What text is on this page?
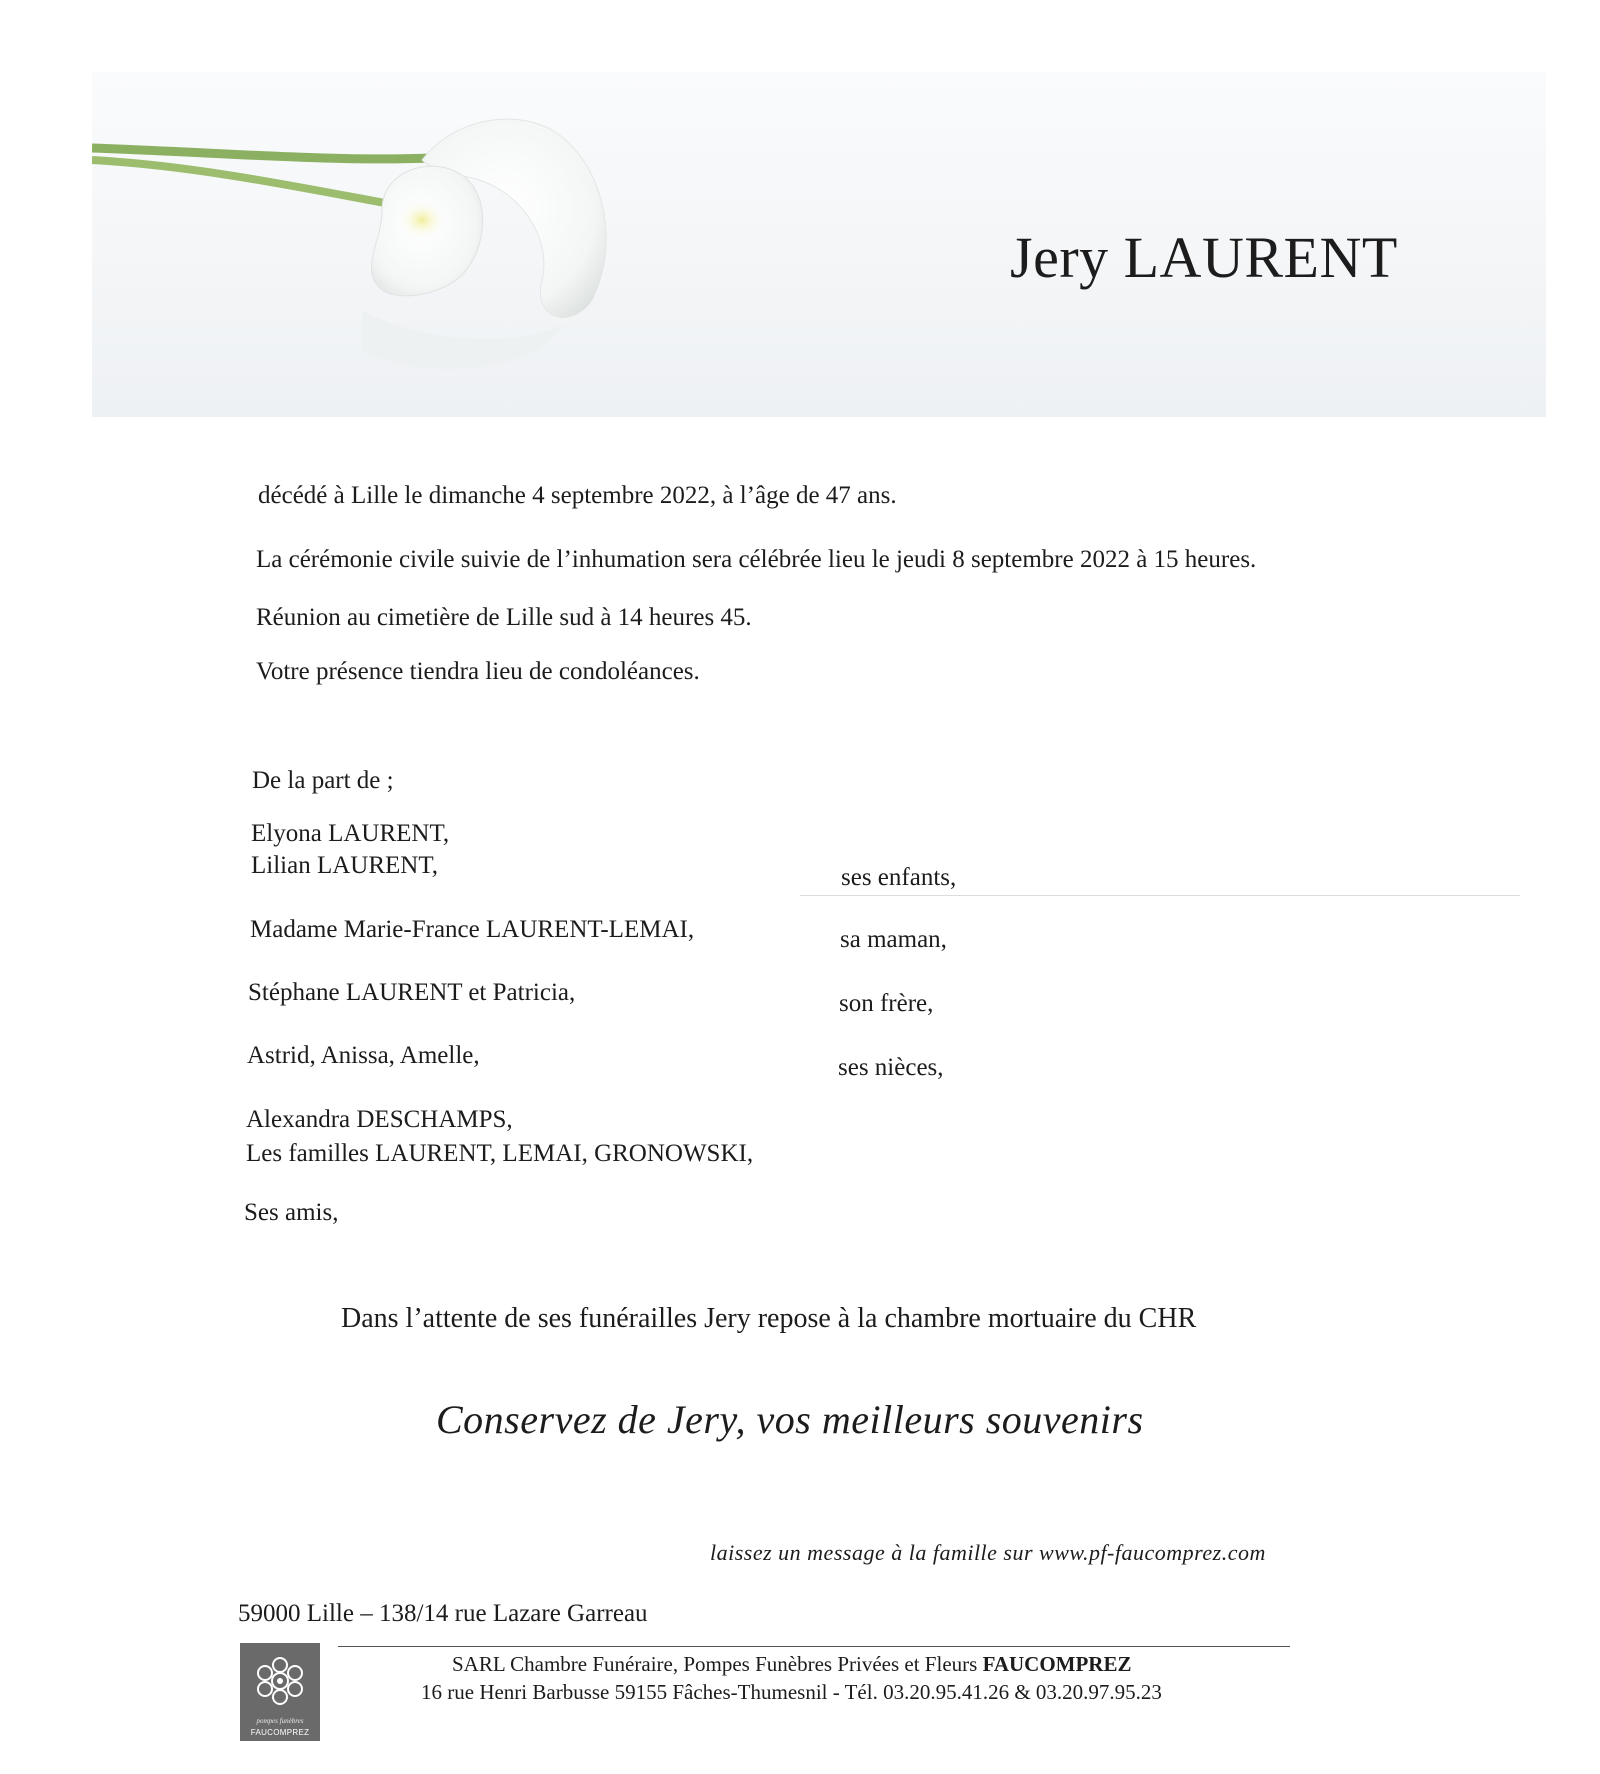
Jery LAURENT
décédé à Lille le dimanche 4 septembre 2022, à l’âge de 47 ans.
La cérémonie civile suivie de l’inhumation sera célébrée lieu le jeudi 8 septembre 2022 à 15 heures.
Réunion au cimetière de Lille sud à 14 heures 45.
Votre présence tiendra lieu de condoléances.
De la part de ;
Elyona LAURENT,
Lilian LAURENT,	ses enfants,
Madame Marie-France LAURENT-LEMAI,	sa maman,
Stéphane LAURENT et Patricia,	son frère,
Astrid, Anissa, Amelle,	ses nièces,
Alexandra DESCHAMPS,
Les familles LAURENT, LEMAI, GRONOWSKI,
Ses amis,
Dans l’attente de ses funérailles Jery repose à la chambre mortuaire du CHR
Conservez de Jery, vos meilleurs souvenirs
laissez un message à la famille sur www.pf-faucomprez.com
59000 Lille – 138/14 rue Lazare Garreau
pompes funèbres
FAUCOMPREZ
SARL Chambre Funéraire, Pompes Funèbres Privées et Fleurs FAUCOMPREZ
16 rue Henri Barbusse 59155 Fâches-Thumesnil - Tél. 03.20.95.41.26 & 03.20.97.95.23
